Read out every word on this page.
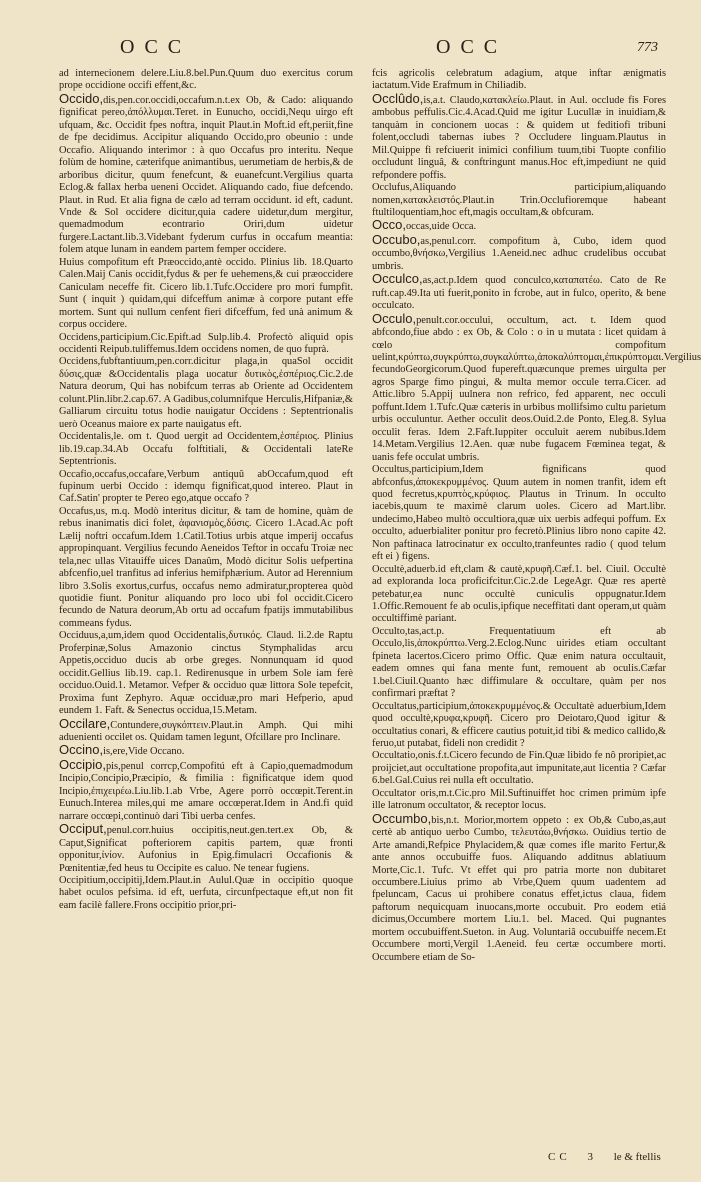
OCC	OCC	773

ad internecionem delere.Liu.8.bel.Pun.Quum duo exercitus corum prope occidione occifi effent,&c.

Occido,dis,pen.cor.occidi,occafum.n.t.ex Ob, & Cado: aliquando fignificat pereo,ἀπόλλυμαι.Teret. in Eunucho, occidi,Nequ uirgo eft ufquam, &c. Occidit fpes noftra, inquit Plaut.in Moft.id eft,periit,fine de fpe decidimus. Accipitur aliquando Occido,pro obeunio : unde Occafio. Aliquando interimor : à quo Occafus pro interitu. Neque folùm de homine, cæterifque animantibus, uerumetiam de herbis,& de arboribus dicitur, quum fenefcunt, & euanefcunt.Vergilius quarta Eclog.& fallax herba ueneni Occidet. Aliquando cado, fiue defcendo. Plaut. in Rud. Et alia figna de cælo ad terram occidunt. id eft, cadunt. Vnde & Sol occidere dicitur,quia cadere uidetur,dum mergitur, quemadmodum econtrario Oriri,dum uidetur furgere.Lactant.lib.3.Videbant fyderum curfus in occafum meantia: folem atque lunam in eandem partem femper occidere.

Huius compofitum eft Præoccido,antè occido. Plinius lib. 18.Quarto Calen.Maij Canis occidit,fydus & per fe uehemens,& cui præoccidere Caniculam neceffe fit. Cicero lib.1.Tufc.Occidere pro mori fumpfit. Sunt ( inquit ) quidam,qui difceffum animæ à corpore putant effe mortem. Sunt qui nullum cenfent fieri difceffum, fed unà animum & corpus occidere.

Occidens,participium.Cic.Epift.ad Sulp.lib.4. Profectò aliquid opis occidenti Reipub.tuliffemus.Idem occidens nomen, de quo fuprà.

Occidens,fubftantiuum,pen.corr.dicitur plaga,in quaSol occidit δύσις,quæ &Occidentalis plaga uocatur δυτικὸς,ἑσπέριος.Cic.2.de Natura deorum, Qui has nobifcum terras ab Oriente ad Occidentem colunt.Plin.libr.2.cap.67. A Gadibus,columnifque Herculis,Hifpaniæ,& Galliarum circuitu totus hodie nauigatur Occidens : Septentrionalis uerò Oceanus maiore ex parte nauigatus eft.

Occidentalis,le. om t. Quod uergit ad Occidentem,ἑσπέριος. Plinius lib.19.cap.34.Ab Occafu folftitiali, & Occidentali lateRe Septentrionis.

Occafio,occafus,occafare,Verbum antiquû abOccafum,quod eft fupinum uerbi Occido : idemqu fignificat,quod intereo. Plaut in Caf.Satin' propter te Pereo ego,atque occafo ?

Occafus,us, m.q. Modò interitus dicitur, & tam de homine, quàm de rebus inanimatis dici folet, ἀφανισμὸς,δύσις. Cicero 1.Acad.Ac poft Lælij noftri occafum.Idem 1.Catil.Totius urbis atque imperij occafus appropinquant. Vergilius fecundo Aeneidos Teftor in occafu Troiæ nec tela,nec ullas Vitauiffe uices Danaûm, Modò dicitur Solis uefpertina abfcenfio,uel tranfitus ad inferius hemifphærium. Autor ad Herennium libro 3.Solis exortus,curfus, occafus nemo admiratur,propterea quòd quotidie fiunt. Ponitur aliquando pro loco ubi fol occidit.Cicero fecundo de Natura deorum,Ab ortu ad occafum fpatijs immutabilibus commeans fydus.

Occiduus,a,um,idem quod Occidentalis,δυτικός. Claud. li.2.de Raptu Proferpinæ,Solus Amazonio cinctus Stymphalidas arcu Appetis,occiduo ducis ab orbe greges. Nonnunquam id quod occidit.Gellius lib.19. cap.1. Redirenusque in urbem Sole iam ferè occiduo.Ouid.1. Metamor. Vefper & occiduo quæ littora Sole tepefcit, Proxima funt Zephyro. Aquæ occiduæ,pro mari Hefperio, apud eundem 1. Faft. & Senectus occidua,15.Metam.

Occilare,Contundere,συγκόπτειν.Plaut.in Amph. Qui mihi aduenienti occilet os. Quidam tamen legunt, Ofcillare pro Inclinare.

Occino,is,ere,Vide Occano.

Occipio,pis,penul corrcp,Compofitú eft à Capio,quemadmodum Incipio,Concipio,Præcipio, & fimilia : fignificatque idem quod Incipio,ἐπιχειρέω.Liu.lib.1.ab Vrbe, Agere porrò occœpit.Terent.in Eunuch.Interea miles,qui me amare occœperat.Idem in And.fi quid narrare occœpi,continuò dari Tibi uerba cenfes.

Occiput,penul.corr.huius occipitis,neut.gen.tert.ex Ob, & Caput,Significat pofteriorem capitis partem, quæ fronti opponitur,ἰνίον. Aufonius in Epig.fimulacri Occafionis & Pœnitentiæ,fed heus tu Occipite es caluo. Ne tenear fugiens.

Occipitium,occipitij,Idem.Plaut.in Aulul.Quæ in occipitio quoque habet oculos pefsima. id eft, uerfuta, circunfpectaque eft,ut non fit eam facilè fallere.Frons occipitio prior,pri-

fcis agricolis celebratum adagium, atque inftar ænigmatis iactatum.Vide Erafmum in Chiliadib.

Occlûdo,is,a.t. Claudo,κατακλείω.Plaut. in Aul. occlude fis Fores ambobus peffulis.Cic.4.Acad.Quid me igitur Lucullæ in inuidiam,& tanquàm in concionem uocas : & quidem ut feditiofi tribuni folent,occludi tabernas iubes ? Occludere linguam.Plautus in Mil.Quippe fi refciuerit inimici confilium tuum,tibi Tuopte confilio occludunt linguâ, & conftringunt manus.Hoc eft,impediunt ne quid refpondere poffis.

Occlufus,Aliquando participium,aliquando nomen,κατακλειστός.Plaut.in Trin.Occlufioremque habeant ftultiloquentiam,hoc eft,magis occultam,& obfcuram.

Occo,occas,uide Occa.

Occubo,as,penul.corr. compofitum à, Cubo, idem quod occumbo,θνήσκω,Vergilius 1.Aeneid.nec adhuc crudelibus occubat umbris.

Occulco,as,act.p.Idem quod conculco,καταπατέω. Cato de Re ruft.cap.49.Ita uti fuerit,ponito in fcrobe, aut in fulco, operito, & bene occulcato.

Occulo,penult.cor.occului, occultum, act. t. Idem quod abfcondo,fiue abdo : ex Ob, & Colo : o in u mutata : licet quidam à cœlo compofitum uelint,κρύπτω,συγκρύπτω,συγκαλύπτω,ἀποκαλύπτομαι,ἐπικρύπτομαι.Vergilius fecundoGeorgicorum.Quod fupereft.quæcunque premes uirgulta per agros Sparge fimo pingui, & multa memor occule terra.Cicer. ad Attic.libro 5.Appij uulnera non refrico, fed apparent, nec occuli poffunt.Idem 1.Tufc.Quæ cæteris in urbibus mollifsimo cultu parietum urbis occuluntur. Aether occulit deos.Ouid.2.de Ponto, Eleg.8. Sylua occulit feras. Idem 2.Faft.Iuppiter occuluit aerem nubibus.Idem 14.Metam.Vergilius 12.Aen. quæ nube fugacem Fœminea tegat, & uanis fefe occulat umbris.

Occultus,participium,Idem fignificans quod abfconfus,ἀποκεκρυμμένος. Quum autem in nomen tranfit, idem eft quod fecretus,κρυπτὸς,κρύφιος. Plautus in Trinum. In occulto iacebis,quum te maximè clarum uoles. Cicero ad Mart.libr. undecimo,Habeo multò occultiora,quæ uix uerbis adfequi poffum. Ex occulto, aduerbialiter ponitur pro fecretò.Plinius libro nono capite 42. Non paftinaca latrocinatur ex occulto,tranfeuntes radio ( quod telum eft ei ) figens.

Occultè,aduerb.id eft,clam & cautè,κρυφῆ.Cæf.1. bel. Ciuil. Occultè ad exploranda loca proficifcitur.Cic.2.de LegeAgr. Quæ res apertè petebatur,ea nunc occultè cuniculis oppugnatur.Idem 1.Offic.Remouent fe ab oculis,ipfique neceffitati dant operam,ut quàm occultiffimè pariant.

Occulto,tas,act.p. Frequentatiuum eft ab Occulo,lis,ἀποκρύπτω.Verg.2.Eclog.Nunc uirides etiam occultant fpineta lacertos.Cicero primo Offic. Quæ enim natura occultauit, eadem omnes qui fana mente funt, remouent ab oculis.Cæfar 1.bel.Ciuil.Quanto hæc diffimulare & occultare, quàm per nos confirmari præftat ?

Occultatus,participium,ἀποκεκρυμμένος.& Occultatè aduerbium,Idem quod occultè,κρυφα,κρυφῆ. Cicero pro Deiotaro,Quod igitur & occultatius conari, & efficere cautius potuit,id tibi & medico callido,& feruo,ut putabat, fideli non credidit ?

Occultatio,onis.f.t.Cicero fecundo de Fin.Quæ libido fe nô proripiet,ac proijciet,aut occultatione propofita,aut impunitate,aut licentia ? Cæfar 6.bel.Gal.Cuius rei nulla eft occultatio.

Occultator oris,m.t.Cic.pro Mil.Suftinuiffet hoc crimen primùm ipfe ille latronum occultator, & receptor locus.

Occumbo,bis,n.t. Morior,mortem oppeto : ex Ob,& Cubo,as,aut certè ab antiquo uerbo Cumbo, τελευτάω,θνήσκω. Ouidius tertio de Arte amandi,Refpice Phylacidem,& quæ comes ifle marito Fertur,& ante annos occubuiffe fuos. Aliquando additnus ablatiuum Morte,Cic.1. Tufc. Vt effet qui pro patria morte non dubitaret occumbere.Liuius primo ab Vrbe,Quem quum uadentem ad fpeluncam, Cacus ui prohibere conatus effet,ictus claua, fidem paftorum nequicquam inuocans,morte occubuit. Pro eodem etiá dicimus,Occumbere mortem Liu.1. bel. Maced. Qui pugnantes mortem occubuiffent.Sueton. in Aug. Voluntariâ occubuiffe necem.Et Occumbere morti,Vergil 1.Aeneid. feu certæ occumbere morti. Occumbere etiam de So-

CC 3 le & ftellis
